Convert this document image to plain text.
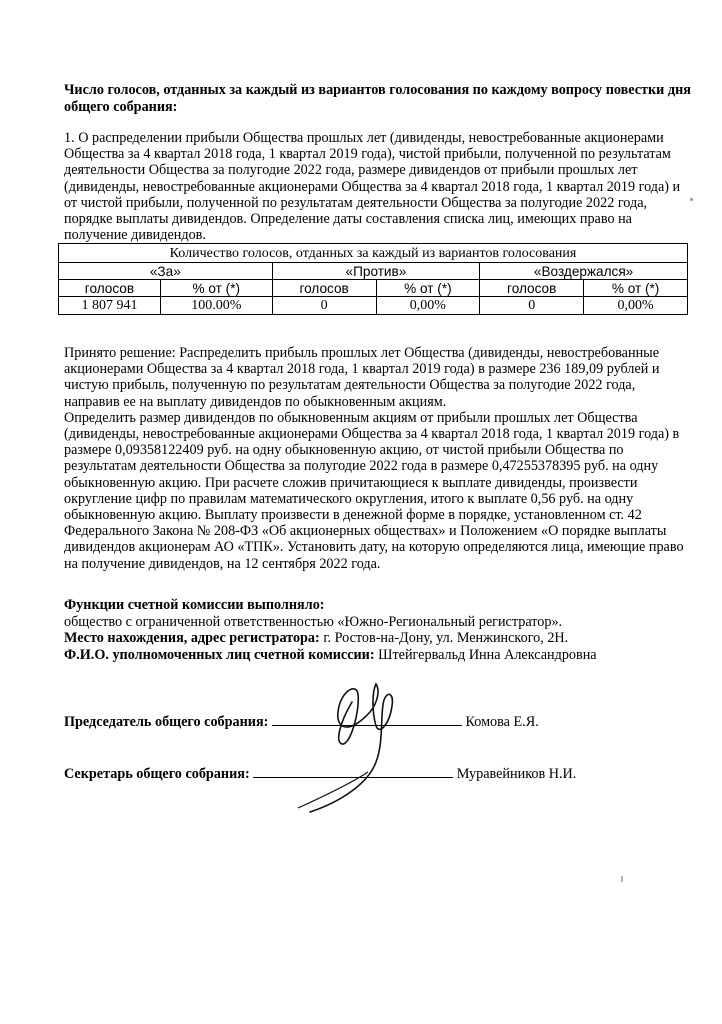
Число голосов, отданных за каждый из вариантов голосования по каждому вопросу повестки дня общего собрания:

1. О распределении прибыли Общества прошлых лет (дивиденды, невостребованные акционерами Общества за 4 квартал 2018 года, 1 квартал 2019 года), чистой прибыли, полученной по результатам деятельности Общества за полугодие 2022 года, размере дивидендов от прибыли прошлых лет (дивиденды, невостребованные акционерами Общества за 4 квартал 2018 года, 1 квартал 2019 года) и от чистой прибыли, полученной по результатам деятельности Общества за полугодие 2022 года, порядке выплаты дивидендов. Определение даты составления списка лиц, имеющих право на получение дивидендов.

Количество голосов, отданных за каждый из вариантов голосования					
«За»		«Против»		«Воздержался»	
голосов	% от (*)	голосов	% от (*)	голосов	% от (*)
1 807 941	100.00%	0	0,00%	0	0,00%

Принято решение: Распределить прибыль прошлых лет Общества (дивиденды, невостребованные акционерами Общества за 4 квартал 2018 года, 1 квартал 2019 года) в размере 236 189,09 рублей и чистую прибыль, полученную по результатам деятельности Общества за полугодие 2022 года, направив ее на выплату дивидендов по обыкновенным акциям.

Определить размер дивидендов по обыкновенным акциям от прибыли прошлых лет Общества (дивиденды, невостребованные акционерами Общества за 4 квартал 2018 года, 1 квартал 2019 года) в размере 0,09358122409 руб. на одну обыкновенную акцию, от чистой прибыли Общества по результатам деятельности Общества за полугодие 2022 года в размере 0,47255378395 руб. на одну обыкновенную акцию. При расчете сложив причитающиеся к выплате дивиденды, произвести округление цифр по правилам математического округления, итого к выплате 0,56 руб. на одну обыкновенную акцию. Выплату произвести в денежной форме в порядке, установленном ст. 42 Федерального Закона № 208-ФЗ «Об акционерных обществах» и Положением «О порядке выплаты дивидендов акционерам АО «ТПК». Установить дату, на которую определяются лица, имеющие право на получение дивидендов, на 12 сентября 2022 года.

Функции счетной комиссии выполняло:

общество с ограниченной ответственностью «Южно-Региональный регистратор».

Место нахождения, адрес регистратора: г. Ростов-на-Дону, ул. Менжинского, 2Н.

Ф.И.О. уполномоченных лиц счетной комиссии: Штейгервальд Инна Александровна

Председатель общего собрания:	Комова Е.Я.
Секретарь общего собрания:	Муравейников Н.И.
